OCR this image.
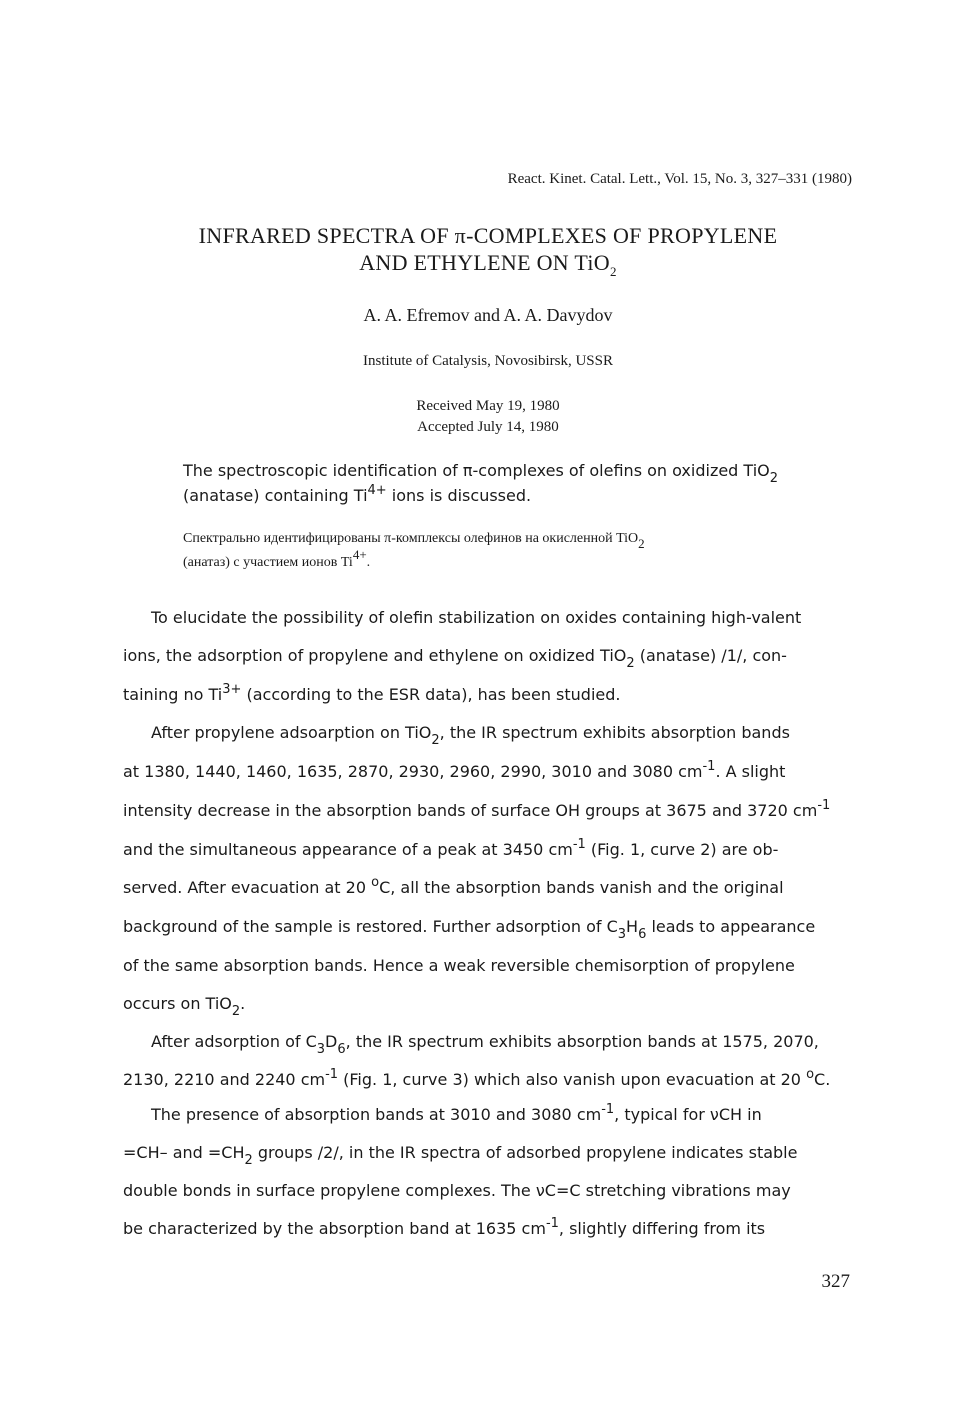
React. Kinet. Catal. Lett., Vol. 15, No. 3, 327–331 (1980)
INFRARED SPECTRA OF π-COMPLEXES OF PROPYLENE
AND ETHYLENE ON TiO$_2$
A. A. Efremov and A. A. Davydov
Institute of Catalysis, Novosibirsk, USSR
Received May 19, 1980
Accepted July 14, 1980
The spectroscopic identification of π-complexes of olefins on oxidized TiO$_2$
(anatase) containing $Ti^{4+}$ ions is discussed.
Спектрально идентифицированы π-комплексы олефинов на окисленной TiO$_2$
(анатаз) с участием ионов $Ti^{4+}$.
To elucidate the possibility of olefin stabilization on oxides containing high-valent
ions, the adsorption of propylene and ethylene on oxidized TiO$_2$ (anatase) /1/, con-
taining no $Ti^{3+}$ (according to the ESR data), has been studied.
After propylene adsoarption on TiO$_2$, the IR spectrum exhibits absorption bands
at 1380, 1440, 1460, 1635, 2870, 2930, 2960, 2990, 3010 and 3080 $cm^{-1}$. A slight
intensity decrease in the absorption bands of surface OH groups at 3675 and 3720 $cm^{-1}$
and the simultaneous appearance of a peak at 3450 $cm^{-1}$ (Fig. 1, curve 2) are ob-
served. After evacuation at 20 $^o$C, all the absorption bands vanish and the original
background of the sample is restored. Further adsorption of $C_3H_6$ leads to appearance
of the same absorption bands. Hence a weak reversible chemisorption of propylene
occurs on TiO$_2$.
After adsorption of $C_3D_6$, the IR spectrum exhibits absorption bands at 1575, 2070,
2130, 2210 and 2240 $cm^{-1}$ (Fig. 1, curve 3) which also vanish upon evacuation at 20 $^o$C.
The presence of absorption bands at 3010 and 3080 $cm^{-1}$, typical for νCH in
=CH– and $=CH_2$ groups /2/, in the IR spectra of adsorbed propylene indicates stable
double bonds in surface propylene complexes. The νC=C stretching vibrations may
be characterized by the absorption band at 1635 $cm^{-1}$, slightly differing from its
327
